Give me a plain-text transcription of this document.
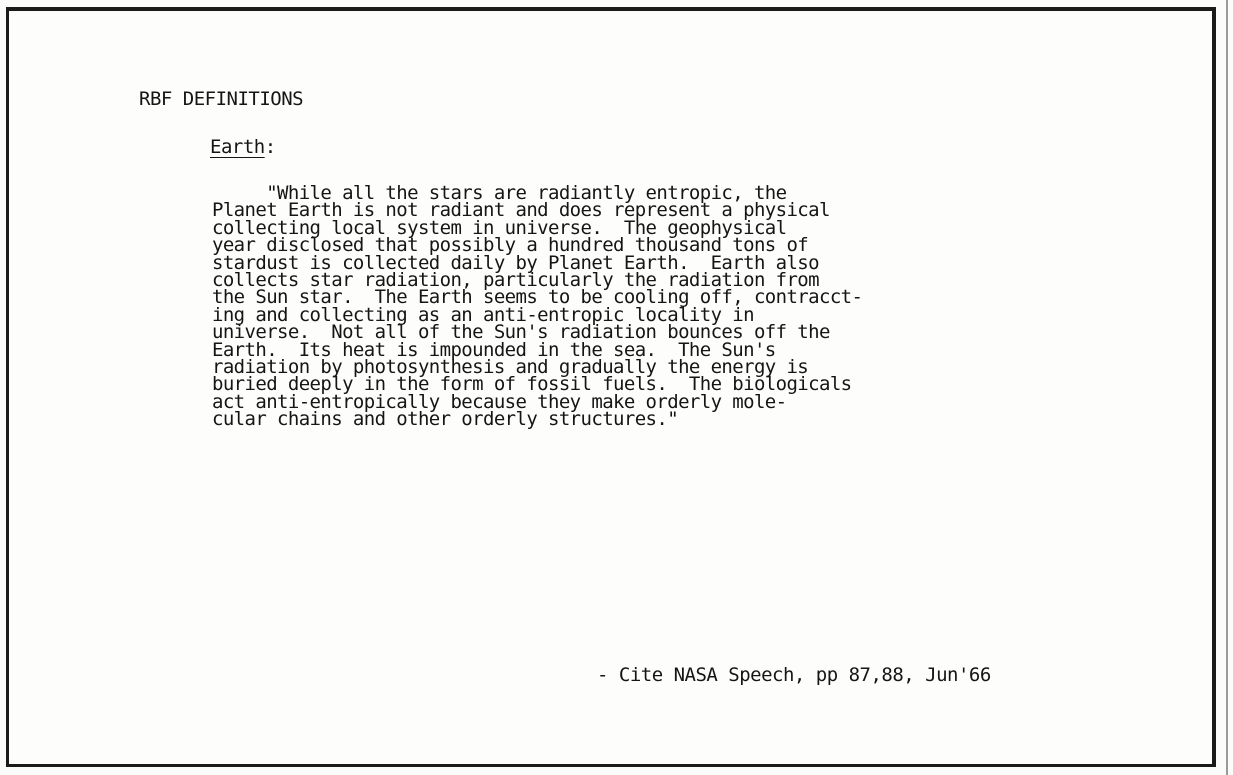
RBF DEFINITIONS
Earth:
"While all the stars are radiantly entropic, the
Planet Earth is not radiant and does represent a physical
collecting local system in universe.  The geophysical
year disclosed that possibly a hundred thousand tons of
stardust is collected daily by Planet Earth.  Earth also
collects star radiation, particularly the radiation from
the Sun star.  The Earth seems to be cooling off, contracct-
ing and collecting as an anti-entropic locality in
universe.  Not all of the Sun's radiation bounces off the
Earth.  Its heat is impounded in the sea.  The Sun's
radiation by photosynthesis and gradually the energy is
buried deeply in the form of fossil fuels.  The biologicals
act anti-entropically because they make orderly mole-
cular chains and other orderly structures."
- Cite NASA Speech, pp 87,88, Jun'66
